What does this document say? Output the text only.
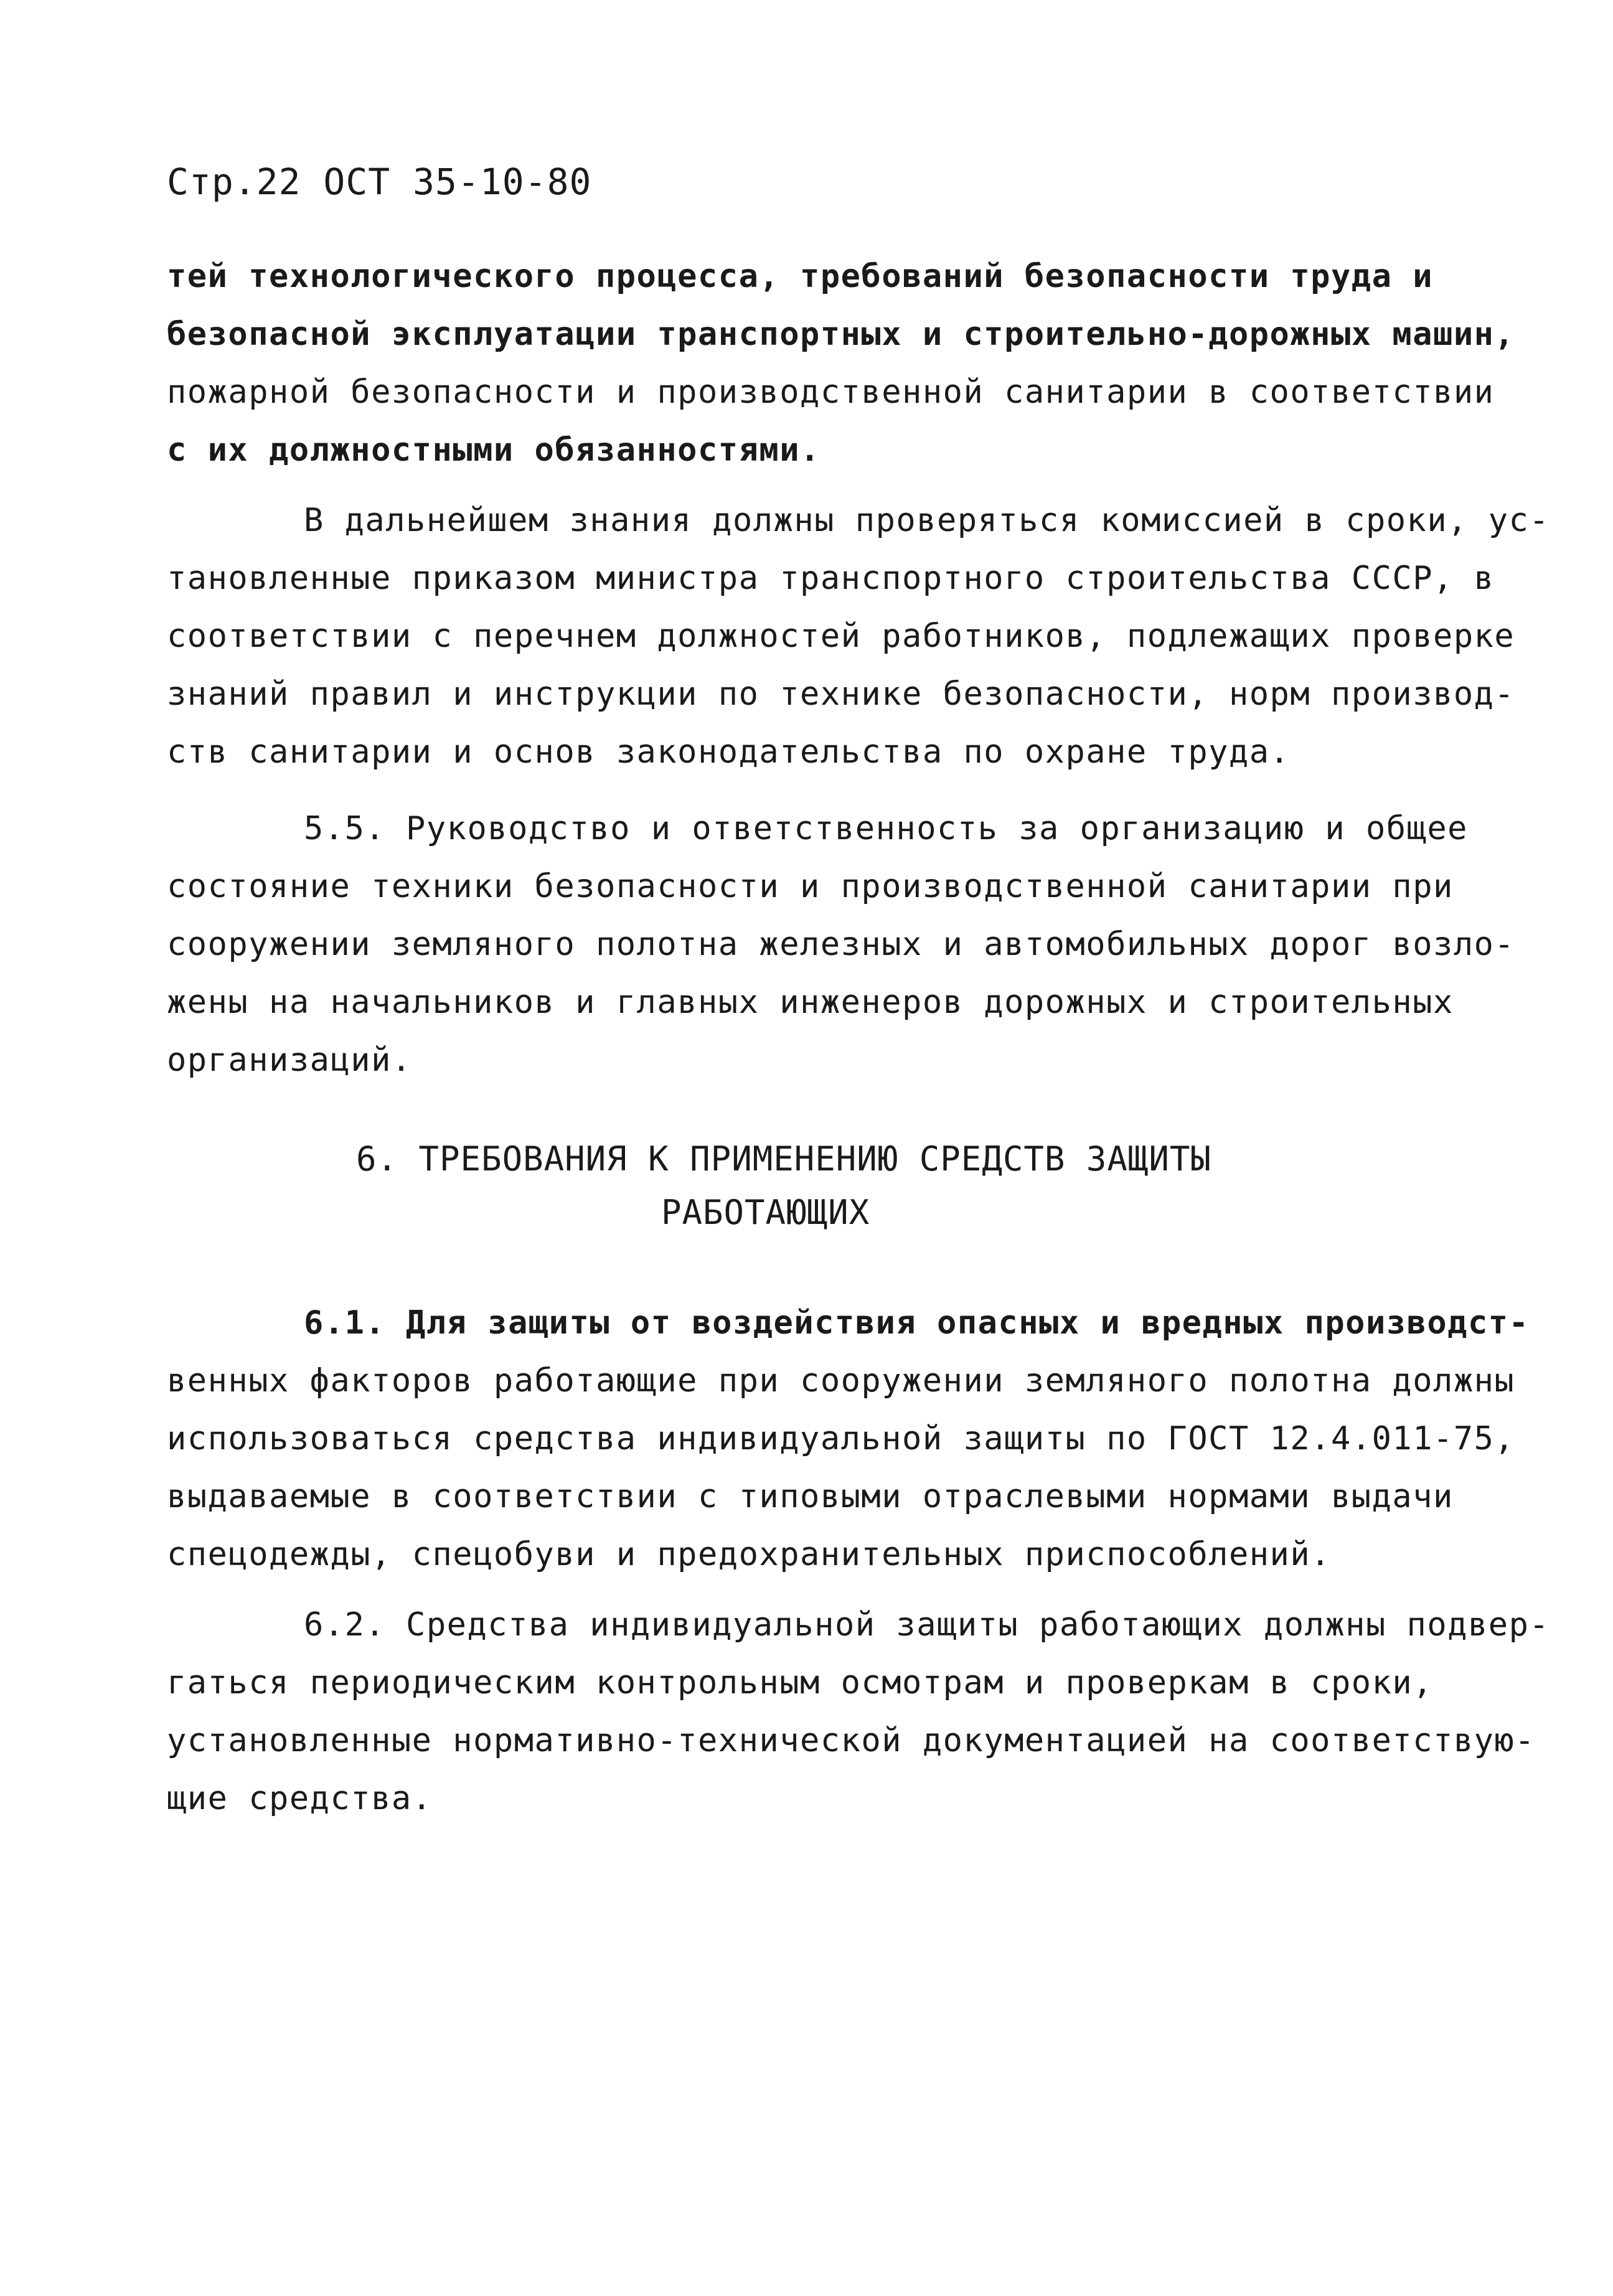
Стр.22 ОСТ 35-10-80
тей технологического процесса, требований безопасности труда и
безопасной эксплуатации транспортных и строительно-дорожных машин,
пожарной безопасности и производственной санитарии в соответствии
с их должностными обязанностями.
В дальнейшем знания должны проверяться комиссией в сроки, ус-
тановленные приказом министра транспортного строительства СССР, в
соответствии с перечнем должностей работников, подлежащих проверке
знаний правил и инструкции по технике безопасности, норм производ-
ств санитарии и основ законодательства по охране труда.
5.5. Руководство и ответственность за организацию и общее
состояние техники безопасности и производственной санитарии при
сооружении земляного полотна железных и автомобильных дорог возло-
жены на начальников и главных инженеров дорожных и строительных
организаций.
6. ТРЕБОВАНИЯ К ПРИМЕНЕНИЮ СРЕДСТВ ЗАЩИТЫ
РАБОТАЮЩИХ
6.1. Для защиты от воздействия опасных и вредных производст-
венных факторов работающие при сооружении земляного полотна должны
использоваться средства индивидуальной защиты по ГОСТ 12.4.011-75,
выдаваемые в соответствии с типовыми отраслевыми нормами выдачи
спецодежды, спецобуви и предохранительных приспособлений.
6.2. Средства индивидуальной защиты работающих должны подвер-
гаться периодическим контрольным осмотрам и проверкам в сроки,
установленные нормативно-технической документацией на соответствую-
щие средства.
